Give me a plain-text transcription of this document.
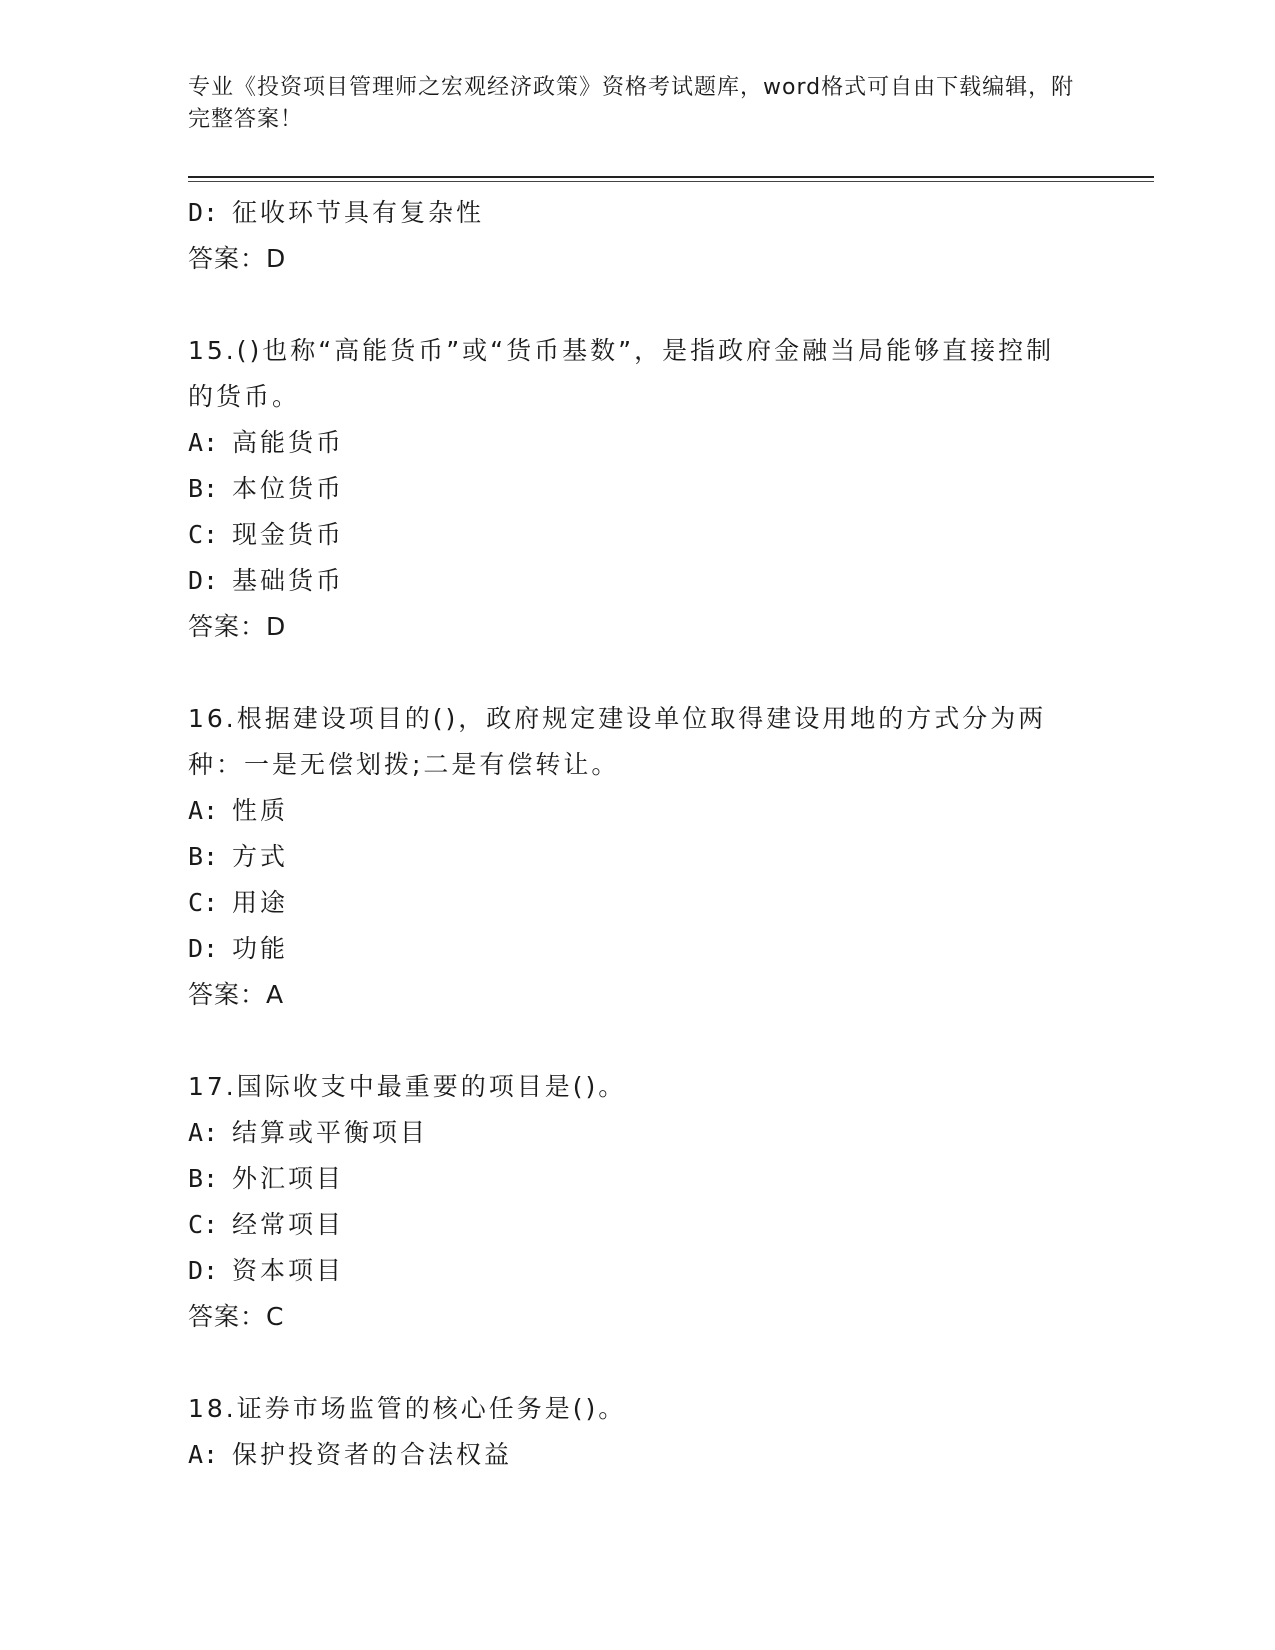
专业《投资项目管理师之宏观经济政策》资格考试题库，word格式可自由下载编辑，附完整答案！
D: 征收环节具有复杂性
答案：D
15.()也称“高能货币”或“货币基数”，是指政府金融当局能够直接控制的货币。
A: 高能货币
B: 本位货币
C: 现金货币
D: 基础货币
答案：D
16.根据建设项目的()，政府规定建设单位取得建设用地的方式分为两种：一是无偿划拨;二是有偿转让。
A: 性质
B: 方式
C: 用途
D: 功能
答案：A
17.国际收支中最重要的项目是()。
A: 结算或平衡项目
B: 外汇项目
C: 经常项目
D: 资本项目
答案：C
18.证券市场监管的核心任务是()。
A: 保护投资者的合法权益
